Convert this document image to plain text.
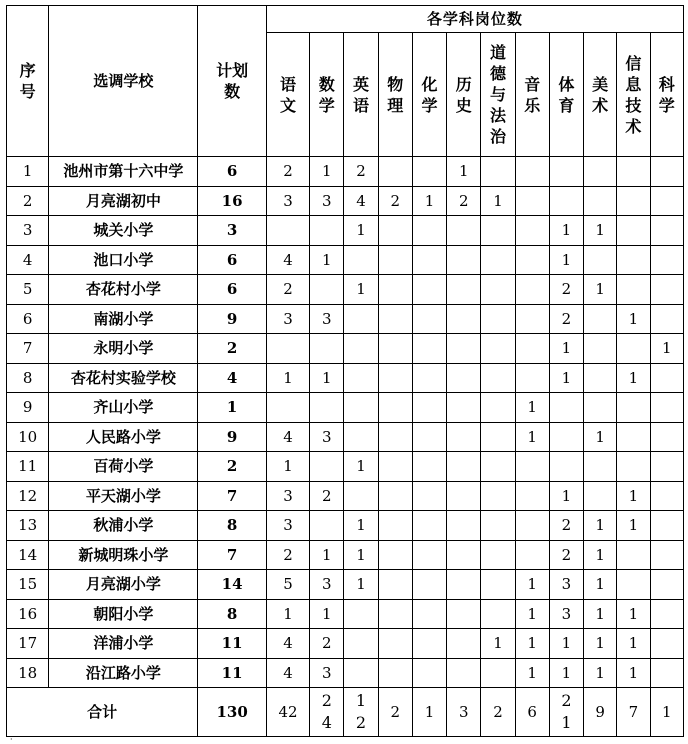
序号	选调学校	计划数	各学科岗位数											
			语文	数学	英语	物理	化学	历史	道德与法治	音乐	体育	美术	信息技术	科学
1	池州市第十六中学	6	2	1	2			1						
2	月亮湖初中	16	3	3	4	2	1	2	1					
3	城关小学	3			1						1	1		
4	池口小学	6	4	1							1			
5	杏花村小学	6	2		1						2	1		
6	南湖小学	9	3	3							2		1	
7	永明小学	2									1			1
8	杏花村实验学校	4	1	1							1		1	
9	齐山小学	1								1				
10	人民路小学	9	4	3						1		1		
11	百荷小学	2	1		1									
12	平天湖小学	7	3	2							1		1	
13	秋浦小学	8	3		1						2	1	1	
14	新城明珠小学	7	2	1	1						2	1		
15	月亮湖小学	14	5	3	1					1	3	1		
16	朝阳小学	8	1	1						1	3	1	1	
17	洋浦小学	11	4	2					1	1	1	1	1	
18	沿江路小学	11	4	3						1	1	1	1	
合计		130	42	24	12	2	1	3	2	6	21	9	7	1
·
